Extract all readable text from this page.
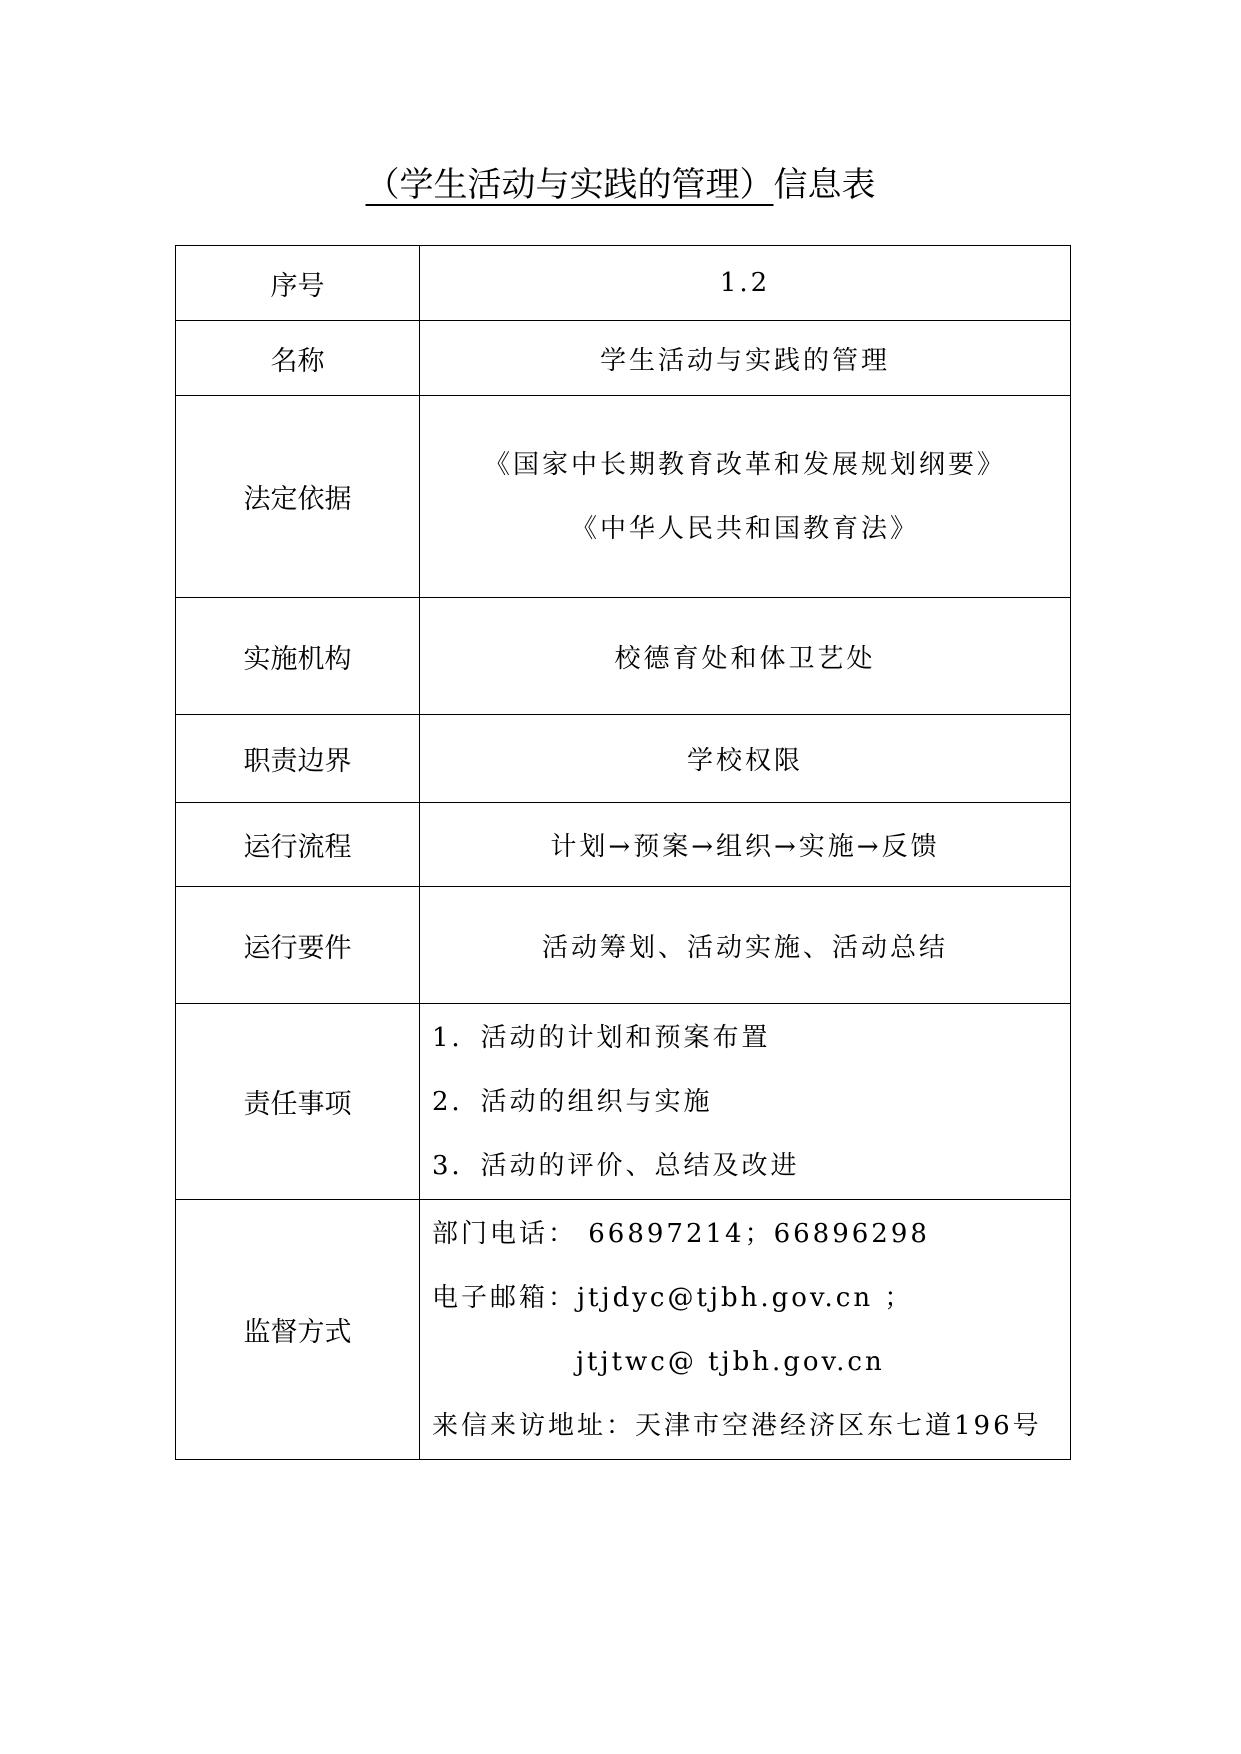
（学生活动与实践的管理）信息表
序号	1.2
名称	学生活动与实践的管理
法定依据	《国家中长期教育改革和发展规划纲要》
《中华人民共和国教育法》

实施机构	校德育处和体卫艺处
职责边界	学校权限
运行流程	计划→预案→组织→实施→反馈
运行要件	活动筹划、活动实施、活动总结
责任事项	1．活动的计划和预案布置
2．活动的组织与实施
3．活动的评价、总结及改进

监督方式	部门电话： 66897214；66896298
电子邮箱：jtjdyc@tjbh.gov.cn ；
jtjtwc@ tjbh.gov.cn
来信来访地址：天津市空港经济区东七道196号
